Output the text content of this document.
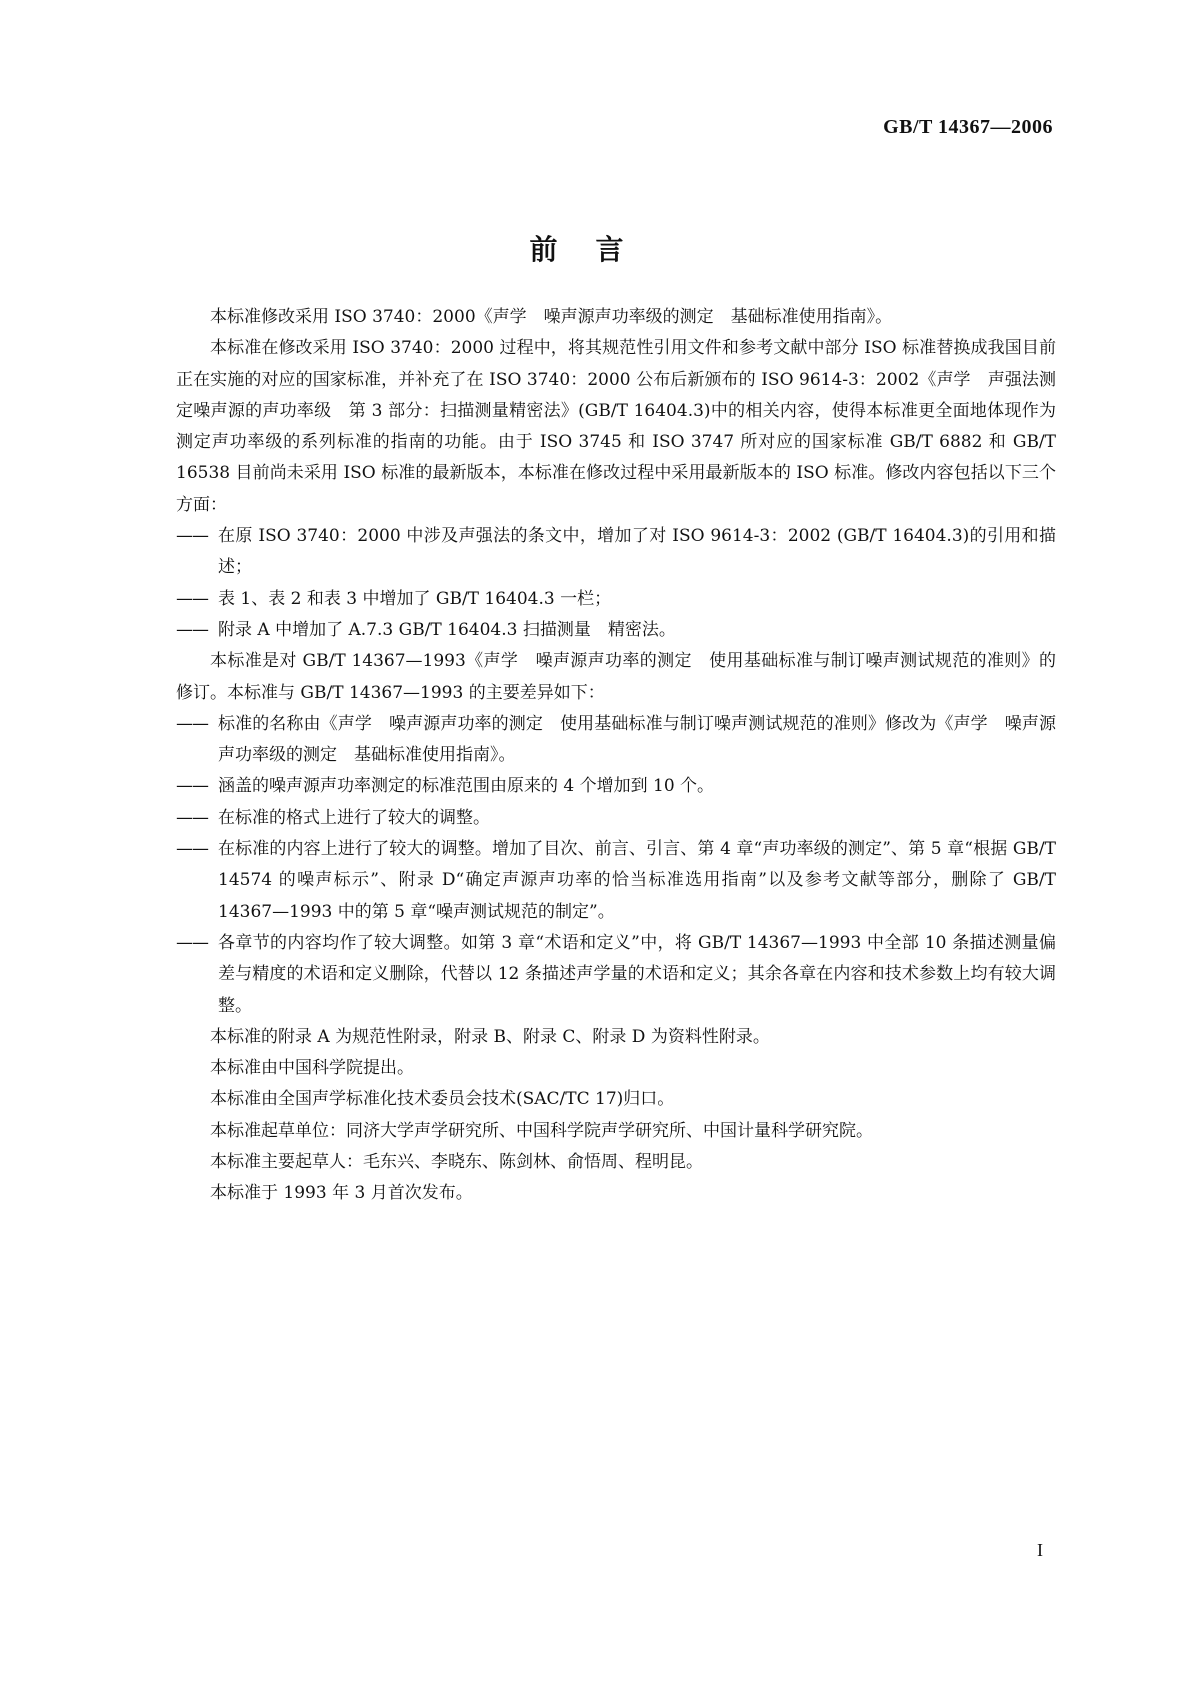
GB/T 14367—2006
前言

本标准修改采用 ISO 3740：2000《声学　噪声源声功率级的测定　基础标准使用指南》。

本标准在修改采用 ISO 3740：2000 过程中，将其规范性引用文件和参考文献中部分 ISO 标准替换成我国目前正在实施的对应的国家标准，并补充了在 ISO 3740：2000 公布后新颁布的 ISO 9614-3：2002《声学　声强法测定噪声源的声功率级　第 3 部分：扫描测量精密法》(GB/T 16404.3)中的相关内容，使得本标准更全面地体现作为测定声功率级的系列标准的指南的功能。由于 ISO 3745 和 ISO 3747 所对应的国家标准 GB/T 6882 和 GB/T 16538 目前尚未采用 ISO 标准的最新版本，本标准在修改过程中采用最新版本的 ISO 标准。修改内容包括以下三个方面：

—— 在原 ISO 3740：2000 中涉及声强法的条文中，增加了对 ISO 9614-3：2002 (GB/T 16404.3)的引用和描述；

—— 表 1、表 2 和表 3 中增加了 GB/T 16404.3 一栏；

—— 附录 A 中增加了 A.7.3 GB/T 16404.3 扫描测量　精密法。

本标准是对 GB/T 14367—1993《声学　噪声源声功率的测定　使用基础标准与制订噪声测试规范的准则》的修订。本标准与 GB/T 14367—1993 的主要差异如下：

—— 标准的名称由《声学　噪声源声功率的测定　使用基础标准与制订噪声测试规范的准则》修改为《声学　噪声源声功率级的测定　基础标准使用指南》。

—— 涵盖的噪声源声功率测定的标准范围由原来的 4 个增加到 10 个。

—— 在标准的格式上进行了较大的调整。

—— 在标准的内容上进行了较大的调整。增加了目次、前言、引言、第 4 章“声功率级的测定”、第 5 章“根据 GB/T 14574 的噪声标示”、附录 D“确定声源声功率的恰当标准选用指南”以及参考文献等部分，删除了 GB/T 14367—1993 中的第 5 章“噪声测试规范的制定”。

—— 各章节的内容均作了较大调整。如第 3 章“术语和定义”中，将 GB/T 14367—1993 中全部 10 条描述测量偏差与精度的术语和定义删除，代替以 12 条描述声学量的术语和定义；其余各章在内容和技术参数上均有较大调整。

本标准的附录 A 为规范性附录，附录 B、附录 C、附录 D 为资料性附录。

本标准由中国科学院提出。

本标准由全国声学标准化技术委员会技术(SAC/TC 17)归口。

本标准起草单位：同济大学声学研究所、中国科学院声学研究所、中国计量科学研究院。

本标准主要起草人：毛东兴、李晓东、陈剑林、俞悟周、程明昆。

本标准于 1993 年 3 月首次发布。

I
